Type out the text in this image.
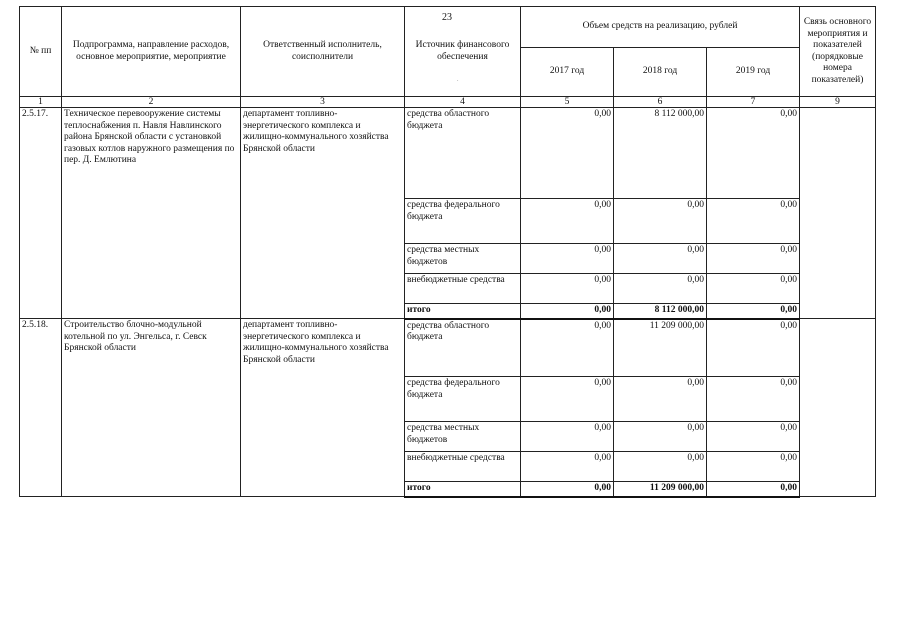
23
.
№ пп	Подпрограмма, направление расходов, основное мероприятие, мероприятие	Ответственный исполнитель, соисполнители	Источник финансового обеспечения	Объем средств на реализацию, рублей			Связь основного мероприятия и показателей (порядковые номера показателей)
				2017 год	2018 год	2019 год	
1	2	3	4	5	6	7	9
2.5.17.	Техническое перевооружение системы теплоснабжения п. Навля Навлинского района Брянской области с установкой газовых котлов наружного размещения по пер. Д. Емлютина	департамент топливно-энергетического комплекса и жилищно-коммунального хозяйства Брянской области	средства областного бюджета	0,00	8 112 000,00	0,00	
			средства федерального бюджета	0,00	0,00	0,00	
			средства местных бюджетов	0,00	0,00	0,00	
			внебюджетные средства	0,00	0,00	0,00	
			итого	0,00	8 112 000,00	0,00	
2.5.18.	Строительство блочно-модульной котельной по ул. Энгельса, г. Севск Брянской области	департамент топливно-энергетического комплекса и жилищно-коммунального хозяйства Брянской области	средства областного бюджета	0,00	11 209 000,00	0,00	
			средства федерального бюджета	0,00	0,00	0,00	
			средства местных бюджетов	0,00	0,00	0,00	
			внебюджетные средства	0,00	0,00	0,00	
			итого	0,00	11 209 000,00	0,00	
